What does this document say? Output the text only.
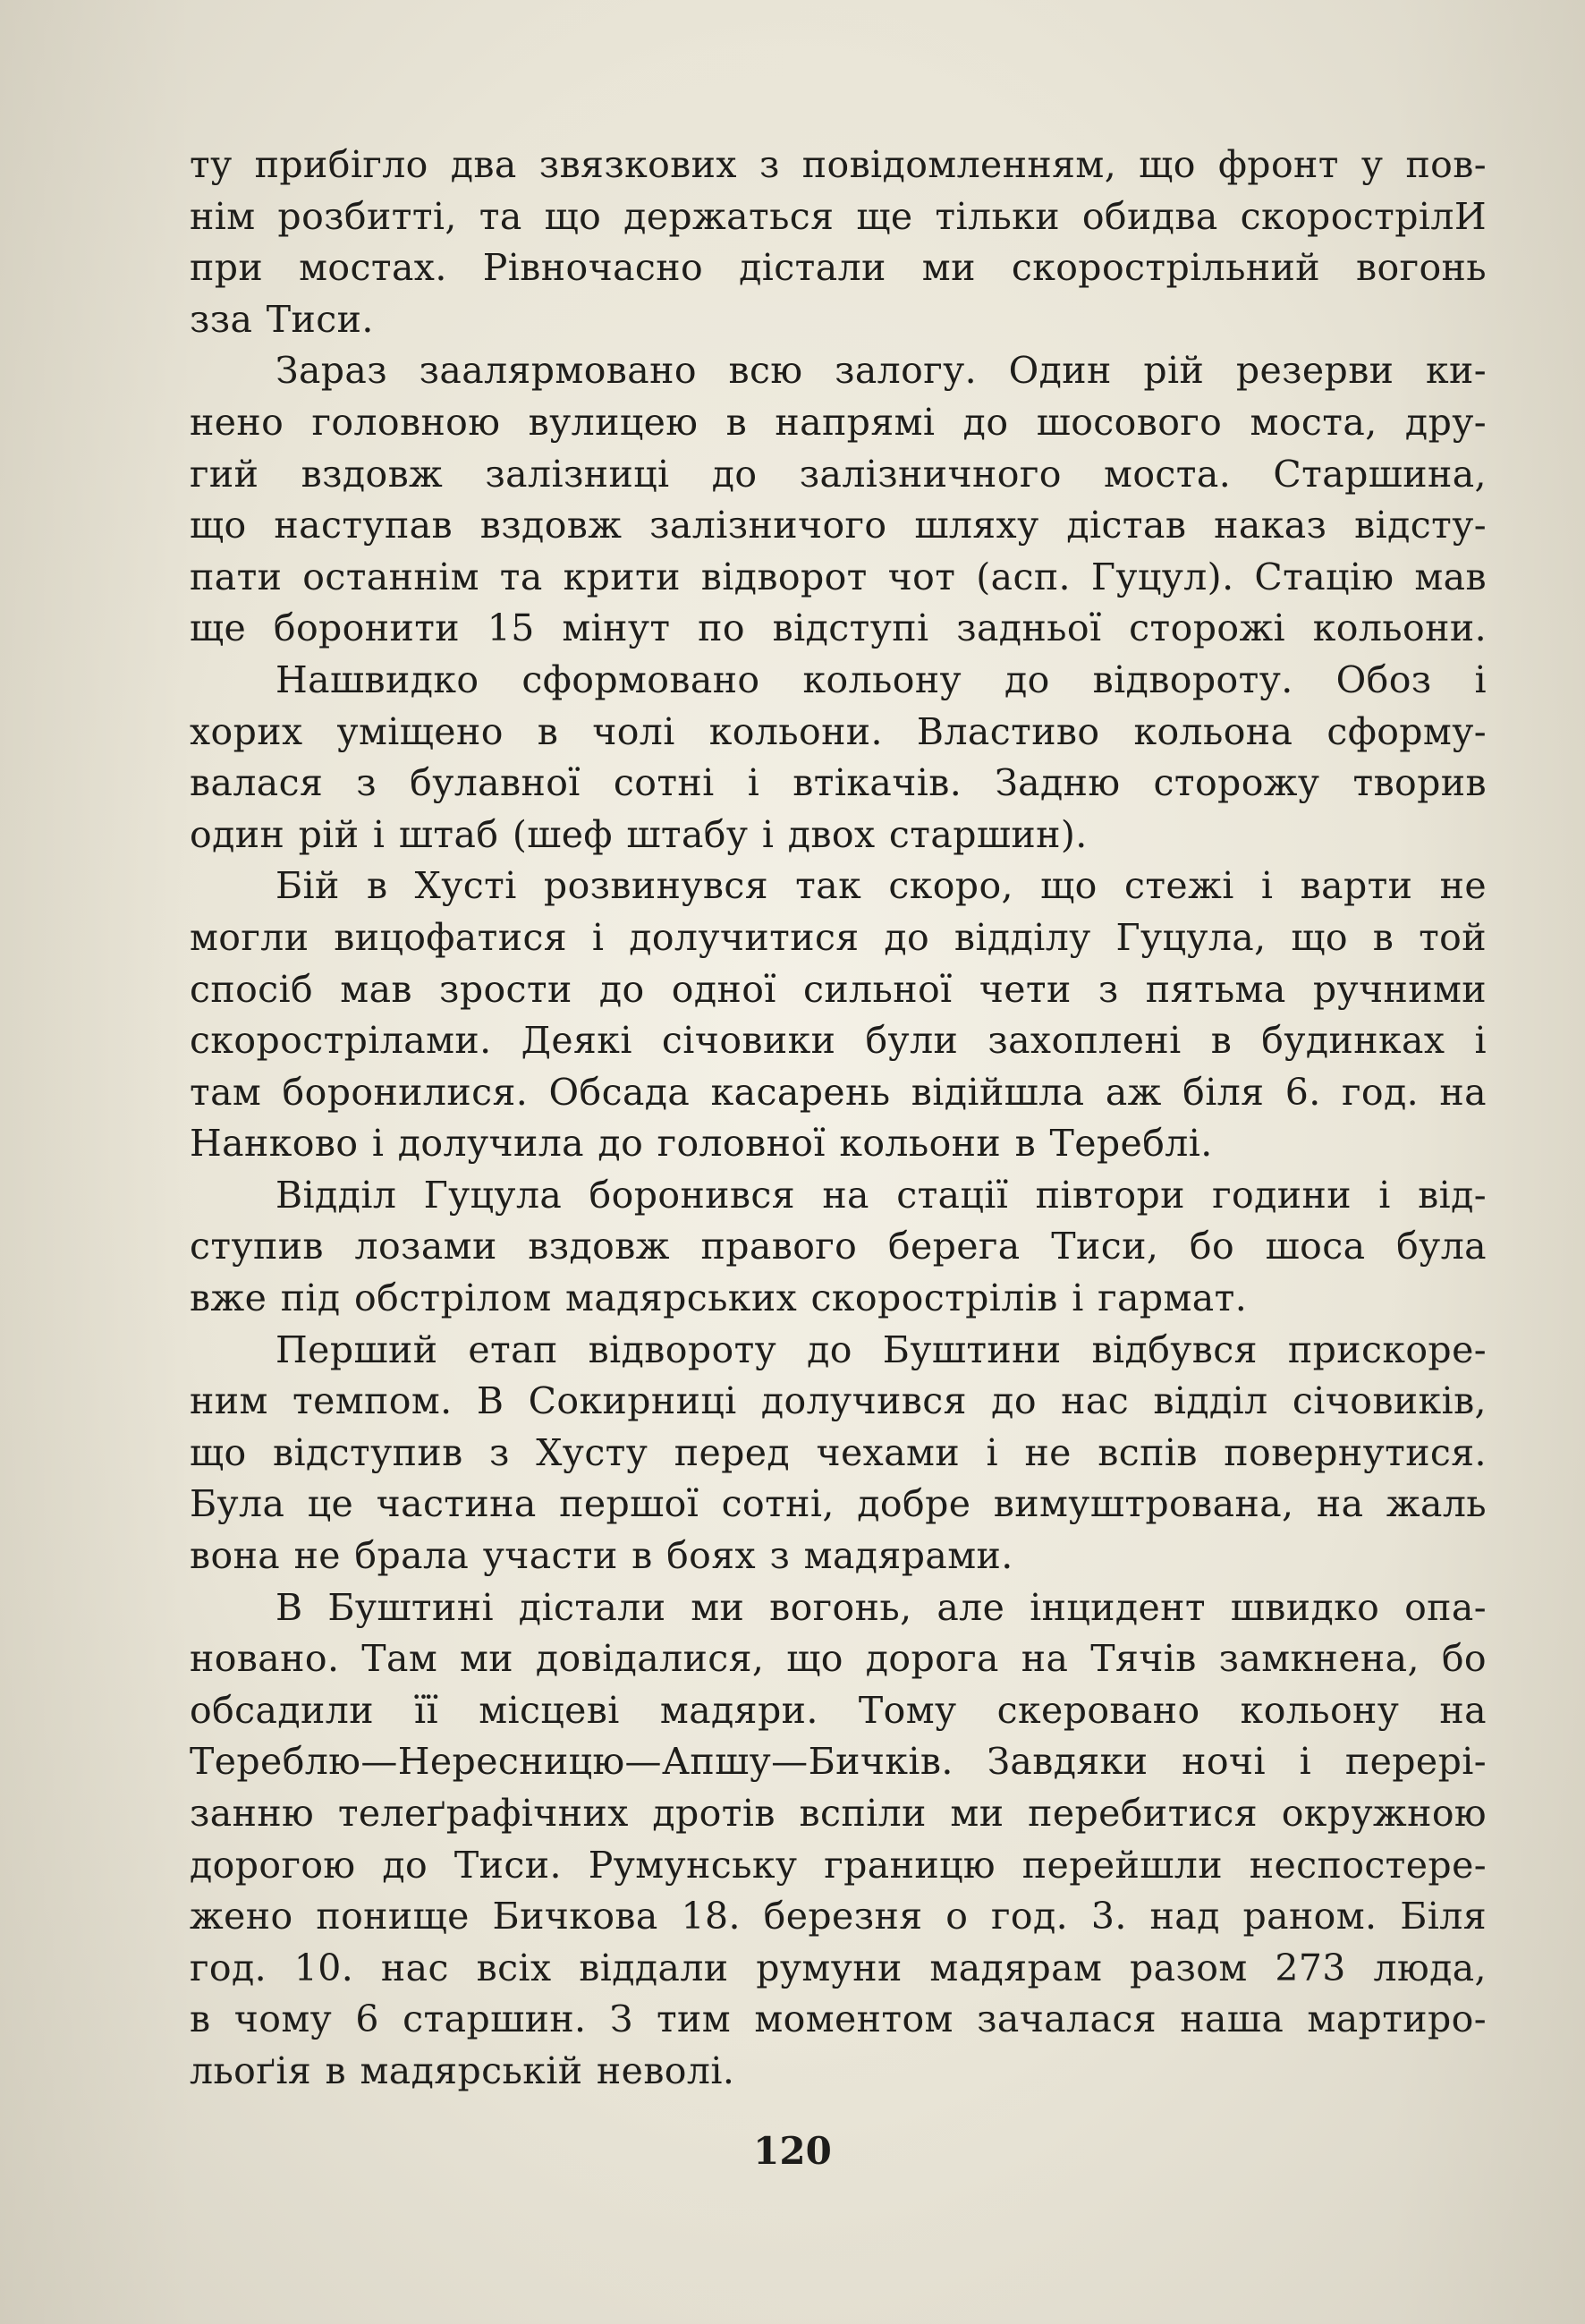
ту прибігло два звязкових з повідомленням, що фронт у пов-
нім розбитті, та що держаться ще тільки обидва скорострілИ
при мостах. Рівночасно дістали ми скорострільний вогонь
зза Тиси.
Зараз заалярмовано всю залогу. Один рій резерви ки-
нено головною вулицею в напрямі до шосового моста, дру-
гий вздовж залізниці до залізничного моста. Старшина,
що наступав вздовж залізничого шляху дістав наказ відсту-
пати останнім та крити відворот чот (асп. Гуцул). Стацію мав
ще боронити 15 мінут по відступі задньої сторожі кольони.
Нашвидко сформовано кольону до відвороту. Обоз і
хорих уміщено в чолі кольони. Властиво кольона сформу-
валася з булавної сотні і втікачів. Задню сторожу творив
один рій і штаб (шеф штабу і двох старшин).
Бій в Хусті розвинувся так скоро, що стежі і варти не
могли вицофатися і долучитися до відділу Гуцула, що в той
спосіб мав зрости до одної сильної чети з пятьма ручними
скорострілами. Деякі січовики були захоплені в будинках і
там боронилися. Обсада касарень відійшла аж біля 6. год. на
Нанково і долучила до головної кольони в Тереблі.
Відділ Гуцула боронився на стації півтори години і від-
ступив лозами вздовж правого берега Тиси, бо шоса була
вже під обстрілом мадярських скорострілів і гармат.
Перший етап відвороту до Буштини відбувся прискоре-
ним темпом. В Сокирниці долучився до нас відділ січовиків,
що відступив з Хусту перед чехами і не вспів повернутися.
Була це частина першої сотні, добре вимуштрована, на жаль
вона не брала участи в боях з мадярами.
В Буштині дістали ми вогонь, але інцидент швидко опа-
новано. Там ми довідалися, що дорога на Тячів замкнена, бо
обсадили її місцеві мадяри. Тому скеровано кольону на
Тереблю—Нересницю—Апшу—Бичків. Завдяки ночі і перері-
занню телеґрафічних дротів вспіли ми перебитися окружною
дорогою до Тиси. Румунську границю перейшли неспостере-
жено понище Бичкова 18. березня о год. 3. над раном. Біля
год. 10. нас всіх віддали румуни мадярам разом 273 люда,
в чому 6 старшин. З тим моментом зачалася наша мартиро-
льоґія в мадярській неволі.
120
